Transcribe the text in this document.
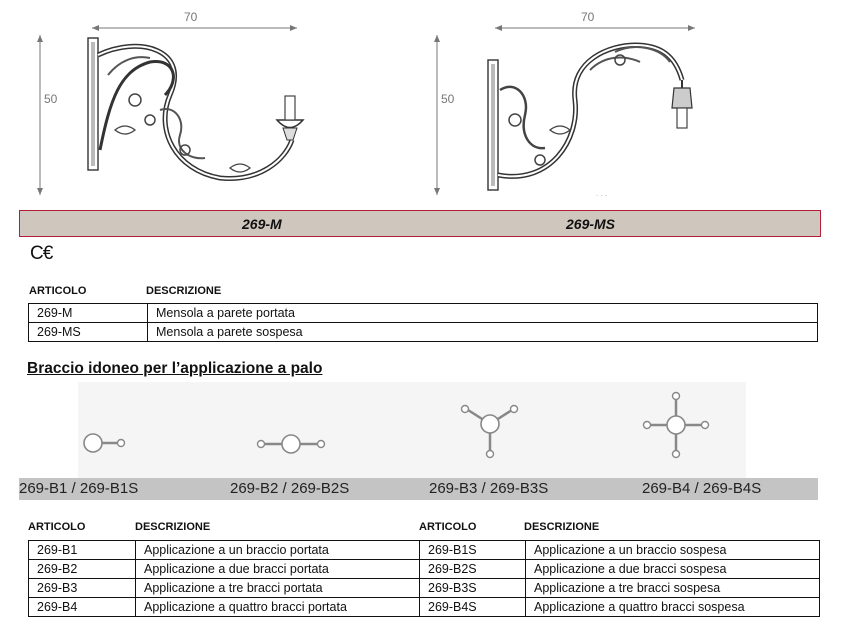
70
50
. . .
70
50
269-M	269-MS
C€
ARTICOLO	DESCRIZIONE
269-M	Mensola a parete portata
269-MS	Mensola a parete sospesa
Braccio idoneo per l’applicazione a palo
269-B1 / 269-B1S	269-B2 / 269-B2S	269-B3 / 269-B3S	269-B4 / 269-B4S
ARTICOLO	DESCRIZIONE	ARTICOLO	DESCRIZIONE
269-B1	Applicazione a un braccio portata	269-B1S	Applicazione a un braccio sospesa
269-B2	Applicazione a due bracci portata	269-B2S	Applicazione a due bracci sospesa
269-B3	Applicazione a tre bracci portata	269-B3S	Applicazione a tre bracci sospesa
269-B4	Applicazione a quattro bracci portata	269-B4S	Applicazione a quattro bracci sospesa
